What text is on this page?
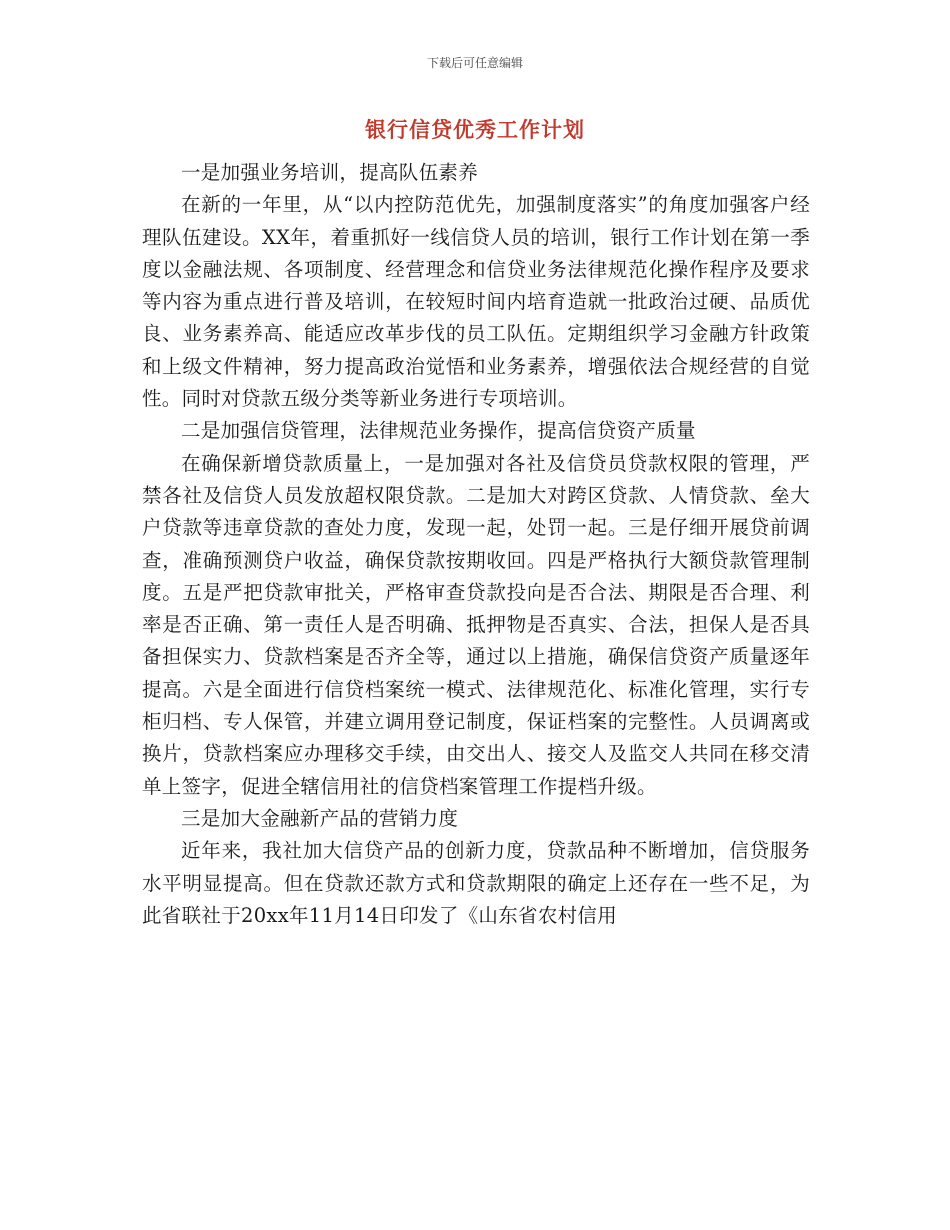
下载后可任意编辑
银行信贷优秀工作计划

一是加强业务培训，提高队伍素养

在新的一年里，从“以内控防范优先，加强制度落实”的角度加强客户经理队伍建设。XX年，着重抓好一线信贷人员的培训，银行工作计划在第一季度以金融法规、各项制度、经营理念和信贷业务法律规范化操作程序及要求等内容为重点进行普及培训，在较短时间内培育造就一批政治过硬、品质优良、业务素养高、能适应改革步伐的员工队伍。定期组织学习金融方针政策和上级文件精神，努力提高政治觉悟和业务素养，增强依法合规经营的自觉性。同时对贷款五级分类等新业务进行专项培训。

二是加强信贷管理，法律规范业务操作，提高信贷资产质量

在确保新增贷款质量上，一是加强对各社及信贷员贷款权限的管理，严禁各社及信贷人员发放超权限贷款。二是加大对跨区贷款、人情贷款、垒大户贷款等违章贷款的查处力度，发现一起，处罚一起。三是仔细开展贷前调查，准确预测贷户收益，确保贷款按期收回。四是严格执行大额贷款管理制度。五是严把贷款审批关，严格审查贷款投向是否合法、期限是否合理、利率是否正确、第一责任人是否明确、抵押物是否真实、合法，担保人是否具备担保实力、贷款档案是否齐全等，通过以上措施，确保信贷资产质量逐年提高。六是全面进行信贷档案统一模式、法律规范化、标准化管理，实行专柜归档、专人保管，并建立调用登记制度，保证档案的完整性。人员调离或换片，贷款档案应办理移交手续，由交出人、接交人及监交人共同在移交清单上签字，促进全辖信用社的信贷档案管理工作提档升级。

三是加大金融新产品的营销力度

近年来，我社加大信贷产品的创新力度，贷款品种不断增加，信贷服务水平明显提高。但在贷款还款方式和贷款期限的确定上还存在一些不足，为此省联社于20xx年11月14日印发了《山东省农村信用
